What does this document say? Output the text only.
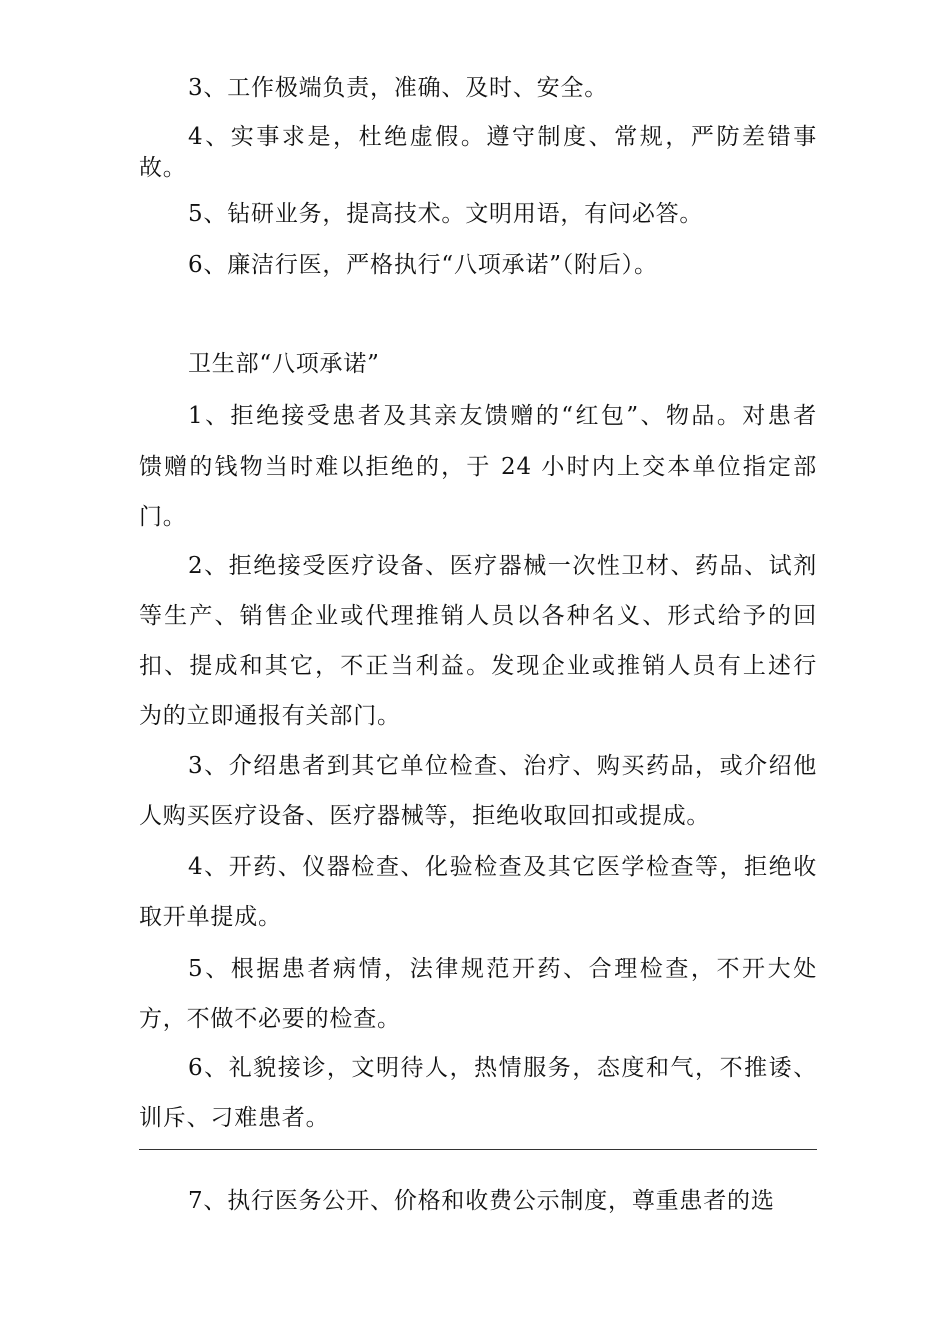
3、工作极端负责，准确、及时、安全。
4、实事求是，杜绝虚假。遵守制度、常规，严防差错事
故。
5、钻研业务，提高技术。文明用语，有问必答。
6、廉洁行医，严格执行“八项承诺”（附后）。
卫生部“八项承诺”
1、拒绝接受患者及其亲友馈赠的“红包”、物品。对患者
馈赠的钱物当时难以拒绝的，于 24 小时内上交本单位指定部
门。
2、拒绝接受医疗设备、医疗器械一次性卫材、药品、试剂
等生产、销售企业或代理推销人员以各种名义、形式给予的回
扣、提成和其它，不正当利益。发现企业或推销人员有上述行
为的立即通报有关部门。
3、介绍患者到其它单位检查、治疗、购买药品，或介绍他
人购买医疗设备、医疗器械等，拒绝收取回扣或提成。
4、开药、仪器检查、化验检查及其它医学检查等，拒绝收
取开单提成。
5、根据患者病情，法律规范开药、合理检查，不开大处
方，不做不必要的检查。
6、礼貌接诊，文明待人，热情服务，态度和气，不推诿、
训斥、刁难患者。
7、执行医务公开、价格和收费公示制度，尊重患者的选
